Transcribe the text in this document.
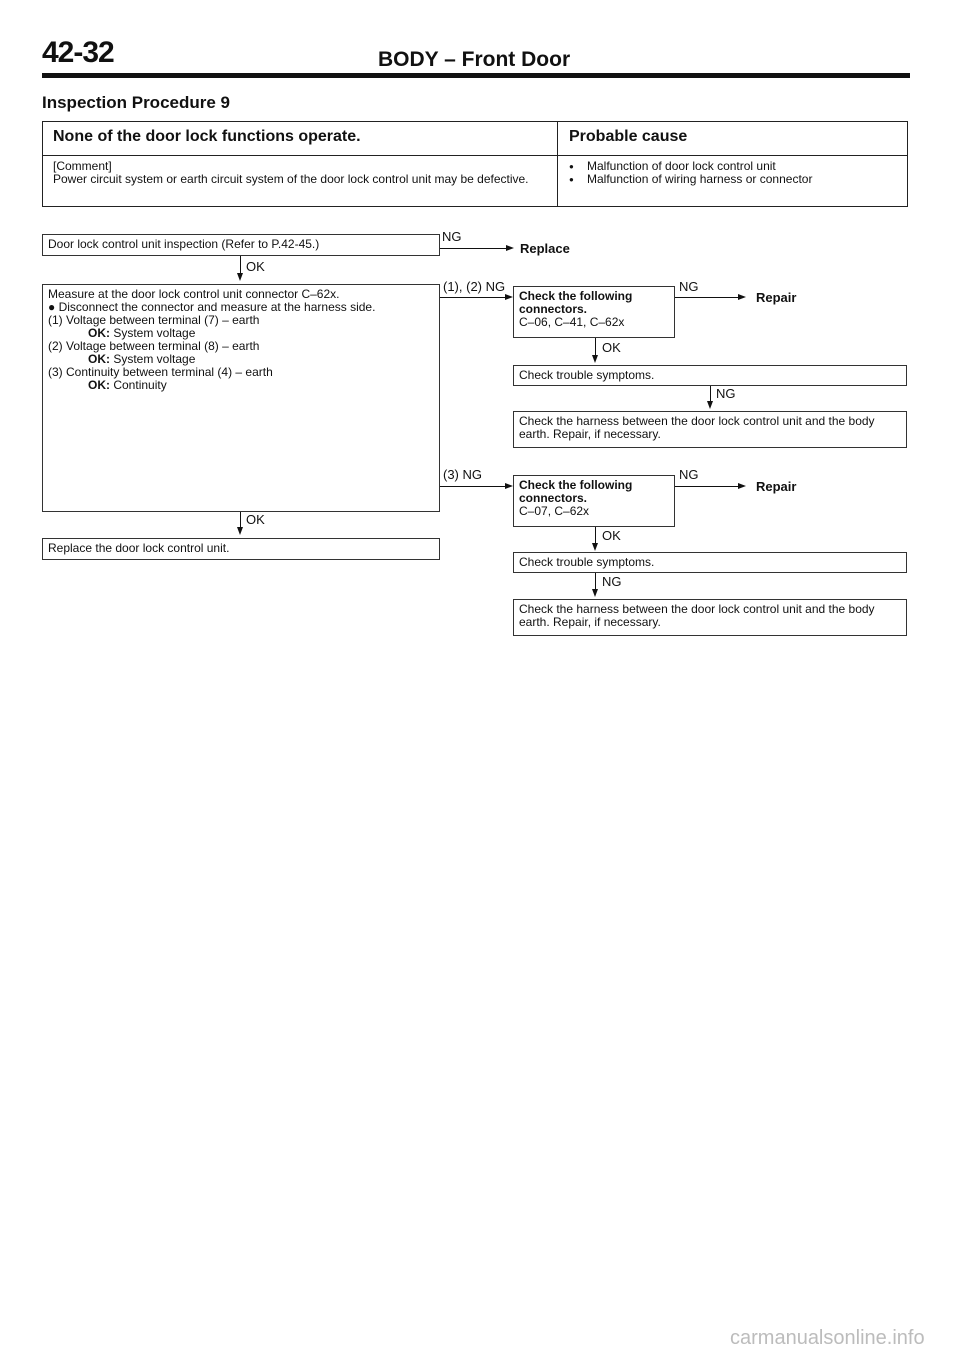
42-32	BODY – Front Door
Inspection Procedure 9
None of the door lock functions operate.	Probable cause
[Comment]
Power circuit system or earth circuit system of the door lock control unit may be defective.
● Malfunction of door lock control unit
● Malfunction of wiring harness or connector
Door lock control unit inspection (Refer to P.42-45.)	NG
Replace
OK
Measure at the door lock control unit connector C–62x.
● Disconnect the connector and measure at the harness side.
(1) Voltage between terminal (7) – earth
OK: System voltage
(2) Voltage between terminal (8) – earth
OK: System voltage
(3) Continuity between terminal (4) – earth
OK: Continuity
OK
Replace the door lock control unit.
(1), (2) NG
Check the following connectors.
C–06, C–41, C–62x
NG
Repair
OK
Check trouble symptoms.
NG
Check the harness between the door lock control unit and the body earth. Repair, if necessary.
(3) NG
Check the following connectors.
C–07, C–62x
NG
Repair
OK
Check trouble symptoms.
NG
Check the harness between the door lock control unit and the body earth. Repair, if necessary.
carmanualsonline.info
